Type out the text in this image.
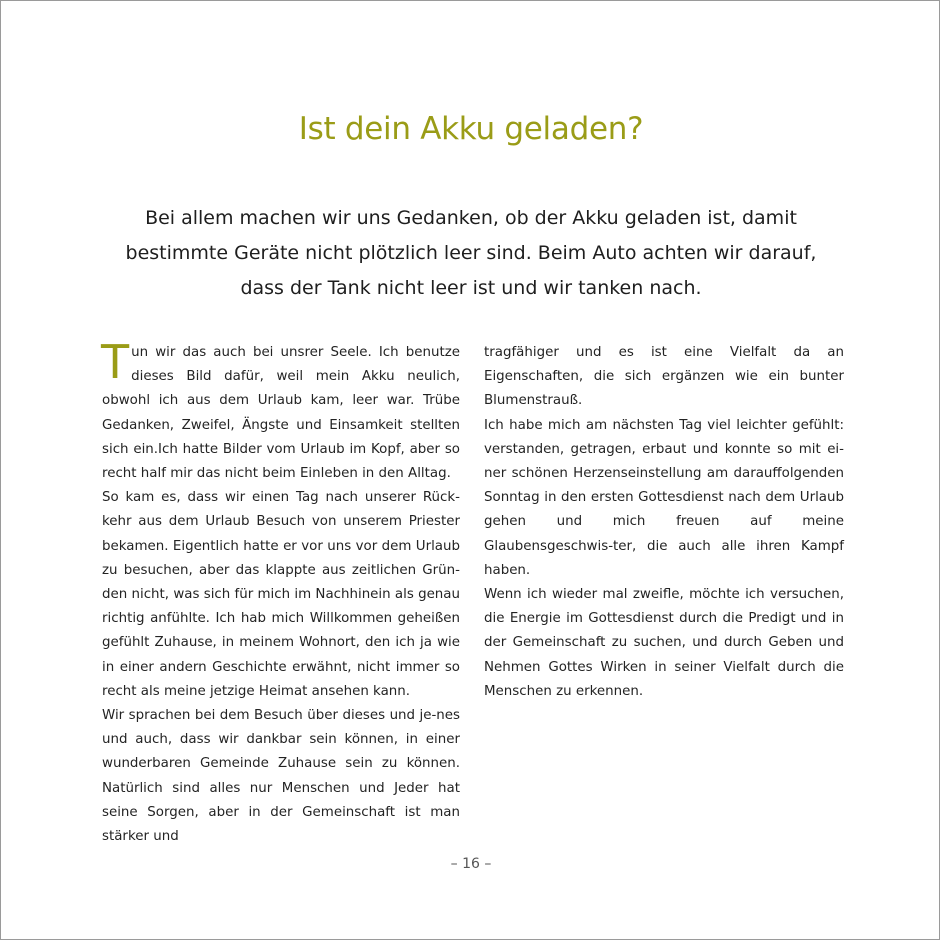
Ist dein Akku geladen?

Bei allem machen wir uns Gedanken, ob der Akku geladen ist, damit bestimmte Geräte nicht plötzlich leer sind. Beim Auto achten wir darauf, dass der Tank nicht leer ist und wir tanken nach.

Tun wir das auch bei unsrer Seele. Ich benutze dieses Bild dafür, weil mein Akku neulich, obwohl ich aus dem Urlaub kam, leer war. Trübe Gedanken, Zweifel, Ängste und Einsamkeit stellten sich ein.Ich hatte Bilder vom Urlaub im Kopf, aber so recht half mir das nicht beim Einleben in den Alltag.

So kam es, dass wir einen Tag nach unserer Rück-kehr aus dem Urlaub Besuch von unserem Priester bekamen. Eigentlich hatte er vor uns vor dem Urlaub zu besuchen, aber das klappte aus zeitlichen Grün-den nicht, was sich für mich im Nachhinein als genau richtig anfühlte. Ich hab mich Willkommen geheißen gefühlt Zuhause, in meinem Wohnort, den ich ja wie in einer andern Geschichte erwähnt, nicht immer so recht als meine jetzige Heimat ansehen kann.

Wir sprachen bei dem Besuch über dieses und je-nes und auch, dass wir dankbar sein können, in einer wunderbaren Gemeinde Zuhause sein zu können. Natürlich sind alles nur Menschen und Jeder hat seine Sorgen, aber in der Gemeinschaft ist man stärker und

tragfähiger und es ist eine Vielfalt da an Eigenschaften, die sich ergänzen wie ein bunter Blumenstrauß.

Ich habe mich am nächsten Tag viel leichter gefühlt: verstanden, getragen, erbaut und konnte so mit ei-ner schönen Herzenseinstellung am darauffolgenden Sonntag in den ersten Gottesdienst nach dem Urlaub gehen und mich freuen auf meine Glaubensgeschwis-ter, die auch alle ihren Kampf haben.

Wenn ich wieder mal zweifle, möchte ich versuchen, die Energie im Gottesdienst durch die Predigt und in der Gemeinschaft zu suchen, und durch Geben und Nehmen Gottes Wirken in seiner Vielfalt durch die Menschen zu erkennen.

– 16 –
